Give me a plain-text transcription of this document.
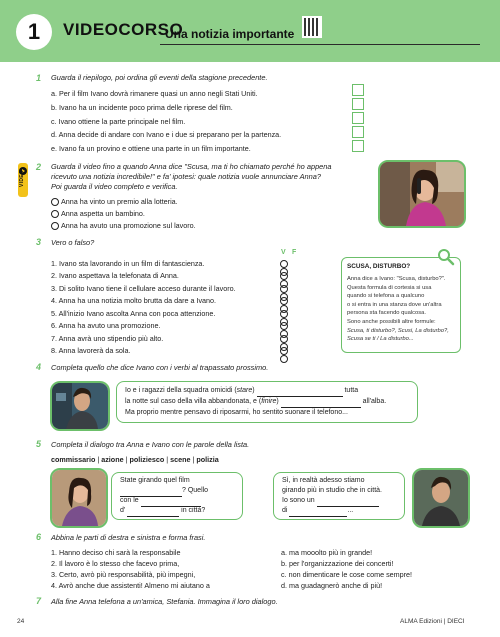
1	VIDEOCORSO
Una notizia importante
1 Guarda il riepilogo, poi ordina gli eventi della stagione precedente.
a. Per il film Ivano dovrà rimanere quasi un anno negli Stati Uniti.
b. Ivano ha un incidente poco prima delle riprese del film.
c. Ivano ottiene la parte principale nel film.
d. Anna decide di andare con Ivano e i due si preparano per la partenza.
e. Ivano fa un provino e ottiene una parte in un film importante.
VIDEO
2 Guarda il video fino a quando Anna dice "Scusa, ma ti ho chiamato perché ho appena
ricevuto una notizia incredibile!" e fa' ipotesi: quale notizia vuole annunciare Anna?
Poi guarda il video completo e verifica.
Anna ha vinto un premio alla lotteria.
Anna aspetta un bambino.
Anna ha avuto una promozione sul lavoro.
3 Vero o falso?
V F
1. Ivano sta lavorando in un film di fantascienza.
2. Ivano aspettava la telefonata di Anna.
3. Di solito Ivano tiene il cellulare acceso durante il lavoro.
4. Anna ha una notizia molto brutta da dare a Ivano.
5. All'inizio Ivano ascolta Anna con poca attenzione.
6. Anna ha avuto una promozione.
7. Anna avrà uno stipendio più alto.
8. Anna lavorerà da sola.
SCUSA, DISTURBO?
Anna dice a Ivano: "Scusa, disturbo?".
Questa formula di cortesia si usa
quando si telefona a qualcuno
o si entra in una stanza dove un'altra
persona sta facendo qualcosa.
Sono anche possibili altre formule:
Scusa, ti disturbo?, Scusi, La disturbo?,
Scusa se ti / La disturbo...
4 Completa quello che dice Ivano con i verbi al trapassato prossimo.
Io e i ragazzi della squadra omicidi (stare)	tutta
la notte sul caso della villa abbandonata, e (finire)	all'alba.
Ma proprio mentre pensavo di riposarmi, ho sentito suonare il telefono...
5 Completa il dialogo tra Anna e Ivano con le parole della lista.
commissario | azione | poliziesco | scene | polizia
State girando quel film
? Quello
con le
d'	in città?
Sì, in realtà adesso stiamo
girando più in studio che in città.
Io sono un
di	...
6 Abbina le parti di destra e sinistra e forma frasi.
1. Hanno deciso chi sarà la responsabile
2. Il lavoro è lo stesso che facevo prima,
3. Certo, avrò più responsabilità, più impegni,
4. Avrò anche due assistenti! Almeno mi aiutano a
a. ma mooolto più in grande!
b. per l'organizzazione dei concerti!
c. non dimenticare le cose come sempre!
d. ma guadagnerò anche di più!
7 Alla fine Anna telefona a un'amica, Stefania. Immagina il loro dialogo.
24	ALMA Edizioni | DIECI
